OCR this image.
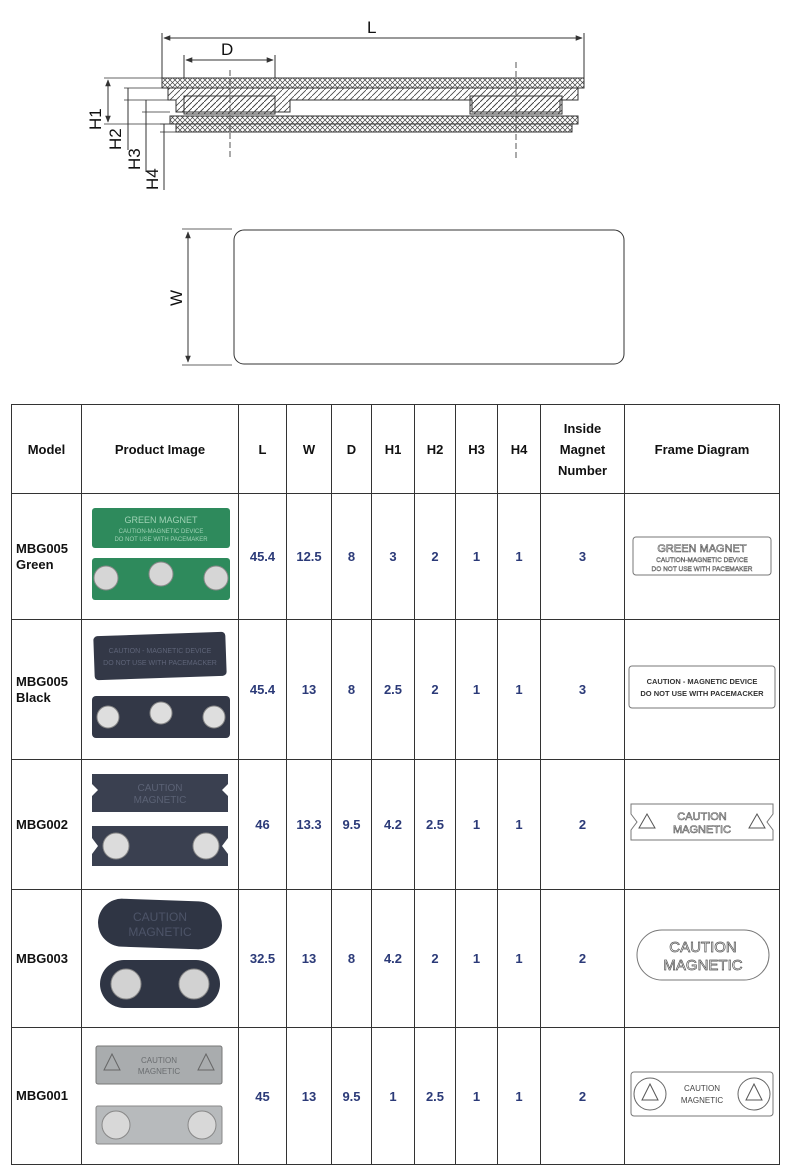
L
D
H1
H2
H3
H4
W
Model	Product Image	L	W	D	H1	H2	H3	H4	Inside
Magnet
Number	Frame Diagram
MBG005
Green	GREEN MAGNET
CAUTION-MAGNETIC DEVICE
DO NOT USE WITH PACEMAKER	45.4	12.5	8	3	2	1	1	3	GREEN MAGNET
CAUTION-MAGNETIC DEVICE
DO NOT USE WITH PACEMAKER

MBG005
Black	CAUTION - MAGNETIC DEVICE
DO NOT USE WITH PACEMACKER	45.4	13	8	2.5	2	1	1	3	CAUTION - MAGNETIC DEVICE
DO NOT USE WITH PACEMACKER

MBG002	CAUTION
MAGNETIC	46	13.3	9.5	4.2	2.5	1	1	2	CAUTION
MAGNETIC

MBG003	CAUTION
MAGNETIC	32.5	13	8	4.2	2	1	1	2	CAUTION
MAGNETIC

MBG001	CAUTION
MAGNETIC	45	13	9.5	1	2.5	1	1	2	CAUTION
MAGNETIC
